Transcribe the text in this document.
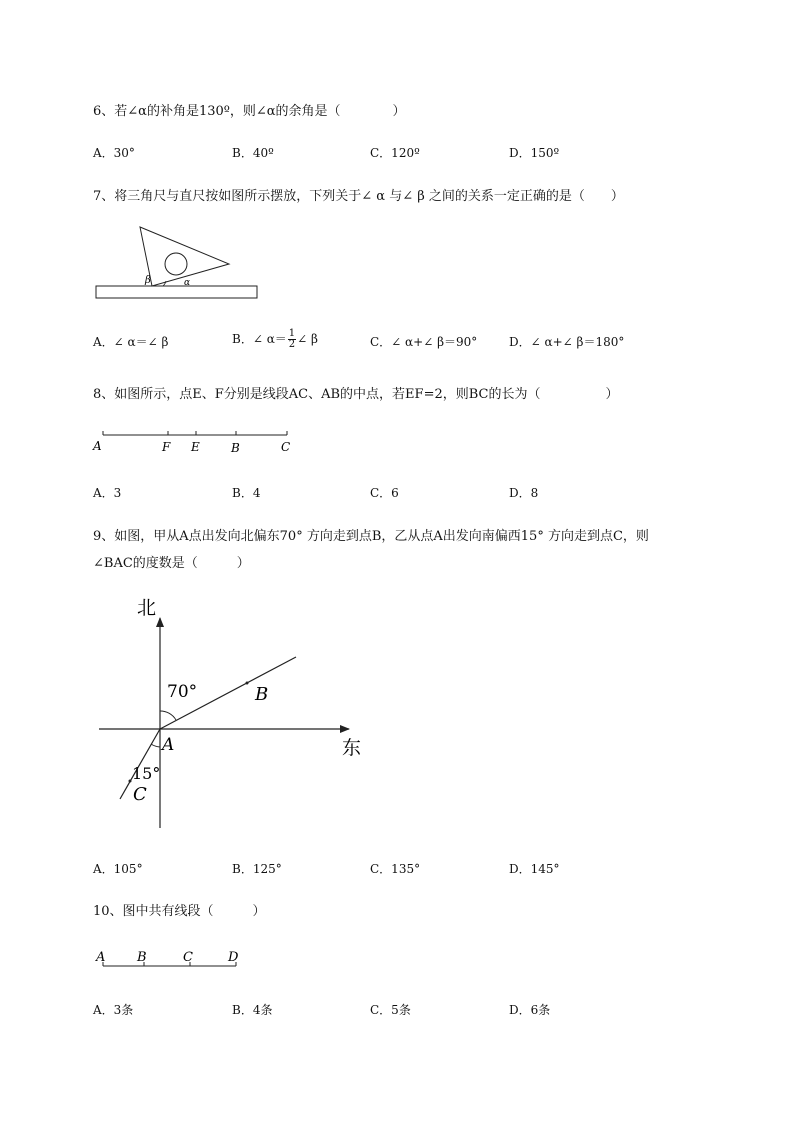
6、若∠α的补角是130º，则∠α的余角是（　　　　）
A．30°	B．40º	C．120º	D．150º
7、将三角尺与直尺按如图所示摆放，下列关于∠ α 与∠ β 之间的关系一定正确的是（　　）
β	α
A．∠ α＝∠ β	B．∠ $\alpha= \frac{1}{2}$ ∠ β	C．∠ α+∠ β＝90°	D．∠ α+∠ β＝180°
8、如图所示，点E、F分别是线段AC、AB的中点，若EF=2，则BC的长为（　　　　　）
A	F E	B	C
A．3	B．4	C．6	D．8
9、如图，甲从A点出发向北偏东70° 方向走到点B，乙从点A出发向南偏西15° 方向走到点C，则
∠BAC的度数是（　　　）
北
东
70°
15°
A
B
C
A．105°	B．125°	C．135°	D．145°
10、图中共有线段（　　　）
A B	C	D
A．3条	B．4条	C．5条	D．6条
